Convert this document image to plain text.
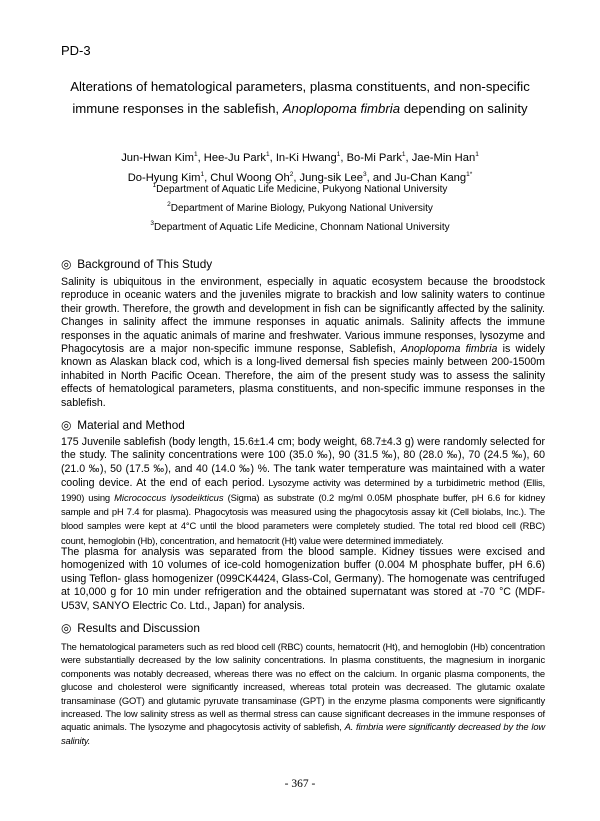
PD-3
Alterations of hematological parameters, plasma constituents, and non-specific
immune responses in the sablefish, Anoplopoma fimbria depending on salinity
Jun-Hwan Kim$^1$, Hee-Ju Park$^1$, In-Ki Hwang$^1$, Bo-Mi Park$^1$, Jae-Min Han$^1$
Do-Hyung Kim$^1$, Chul Woong Oh$^2$, Jung-sik Lee$^3$, and Ju-Chan Kang$^{1*}$
$^1$Department of Aquatic Life Medicine, Pukyong National University
$^2$Department of Marine Biology, Pukyong National University
$^3$Department of Aquatic Life Medicine, Chonnam National University
◎ Background of This Study
Salinity is ubiquitous in the environment, especially in aquatic ecosystem because the broodstock reproduce in oceanic waters and the juveniles migrate to brackish and low salinity waters to continue their growth. Therefore, the growth and development in fish can be significantly affected by the salinity. Changes in salinity affect the immune responses in aquatic animals. Salinity affects the immune responses in the aquatic animals of marine and freshwater. Various immune responses, lysozyme and Phagocytosis are a major non-specific immune response, Sablefish, Anoplopoma fimbria is widely known as Alaskan black cod, which is a long-lived demersal fish species mainly between 200-1500m inhabited in North Pacific Ocean. Therefore, the aim of the present study was to assess the salinity effects of hematological parameters, plasma constituents, and non-specific immune responses in the sablefish.
◎ Material and Method
175 Juvenile sablefish (body length, 15.6±1.4 cm; body weight, 68.7±4.3 g) were randomly selected for the study. The salinity concentrations were 100 (35.0 ‰), 90 (31.5 ‰), 80 (28.0 ‰), 70 (24.5 ‰), 60 (21.0 ‰), 50 (17.5 ‰), and 40 (14.0 ‰) %. The tank water temperature was maintained with a water cooling device. At the end of each period. Lysozyme activity was determined by a turbidimetric method (Ellis, 1990) using Micrococcus lysodeikticus (Sigma) as substrate (0.2 mg/ml 0.05M phosphate buffer, pH 6.6 for kidney sample and pH 7.4 for plasma). Phagocytosis was measured using the phagocytosis assay kit (Cell biolabs, Inc.). The blood samples were kept at 4°C until the blood parameters were completely studied. The total red blood cell (RBC) count, hemoglobin (Hb), concentration, and hematocrit (Ht) value were determined immediately.
The plasma for analysis was separated from the blood sample. Kidney tissues were excised and homogenized with 10 volumes of ice-cold homogenization buffer (0.004 M phosphate buffer, pH 6.6) using Teflon- glass homogenizer (099CK4424, Glass-Col, Germany). The homogenate was centrifuged at 10,000 g for 10 min under refrigeration and the obtained supernatant was stored at -70 °C (MDF-U53V, SANYO Electric Co. Ltd., Japan) for analysis.
◎ Results and Discussion
The hematological parameters such as red blood cell (RBC) counts, hematocrit (Ht), and hemoglobin (Hb) concentration were substantially decreased by the low salinity concentrations. In plasma constituents, the magnesium in inorganic components was notably decreased, whereas there was no effect on the calcium. In organic plasma components, the glucose and cholesterol were significantly increased, whereas total protein was decreased. The glutamic oxalate transaminase (GOT) and glutamic pyruvate transaminase (GPT) in the enzyme plasma components were significantly increased. The low salinity stress as well as thermal stress can cause significant decreases in the immune responses of aquatic animals. The lysozyme and phagocytosis activity of sablefish, A. fimbria were significantly decreased by the low salinity.
- 367 -
